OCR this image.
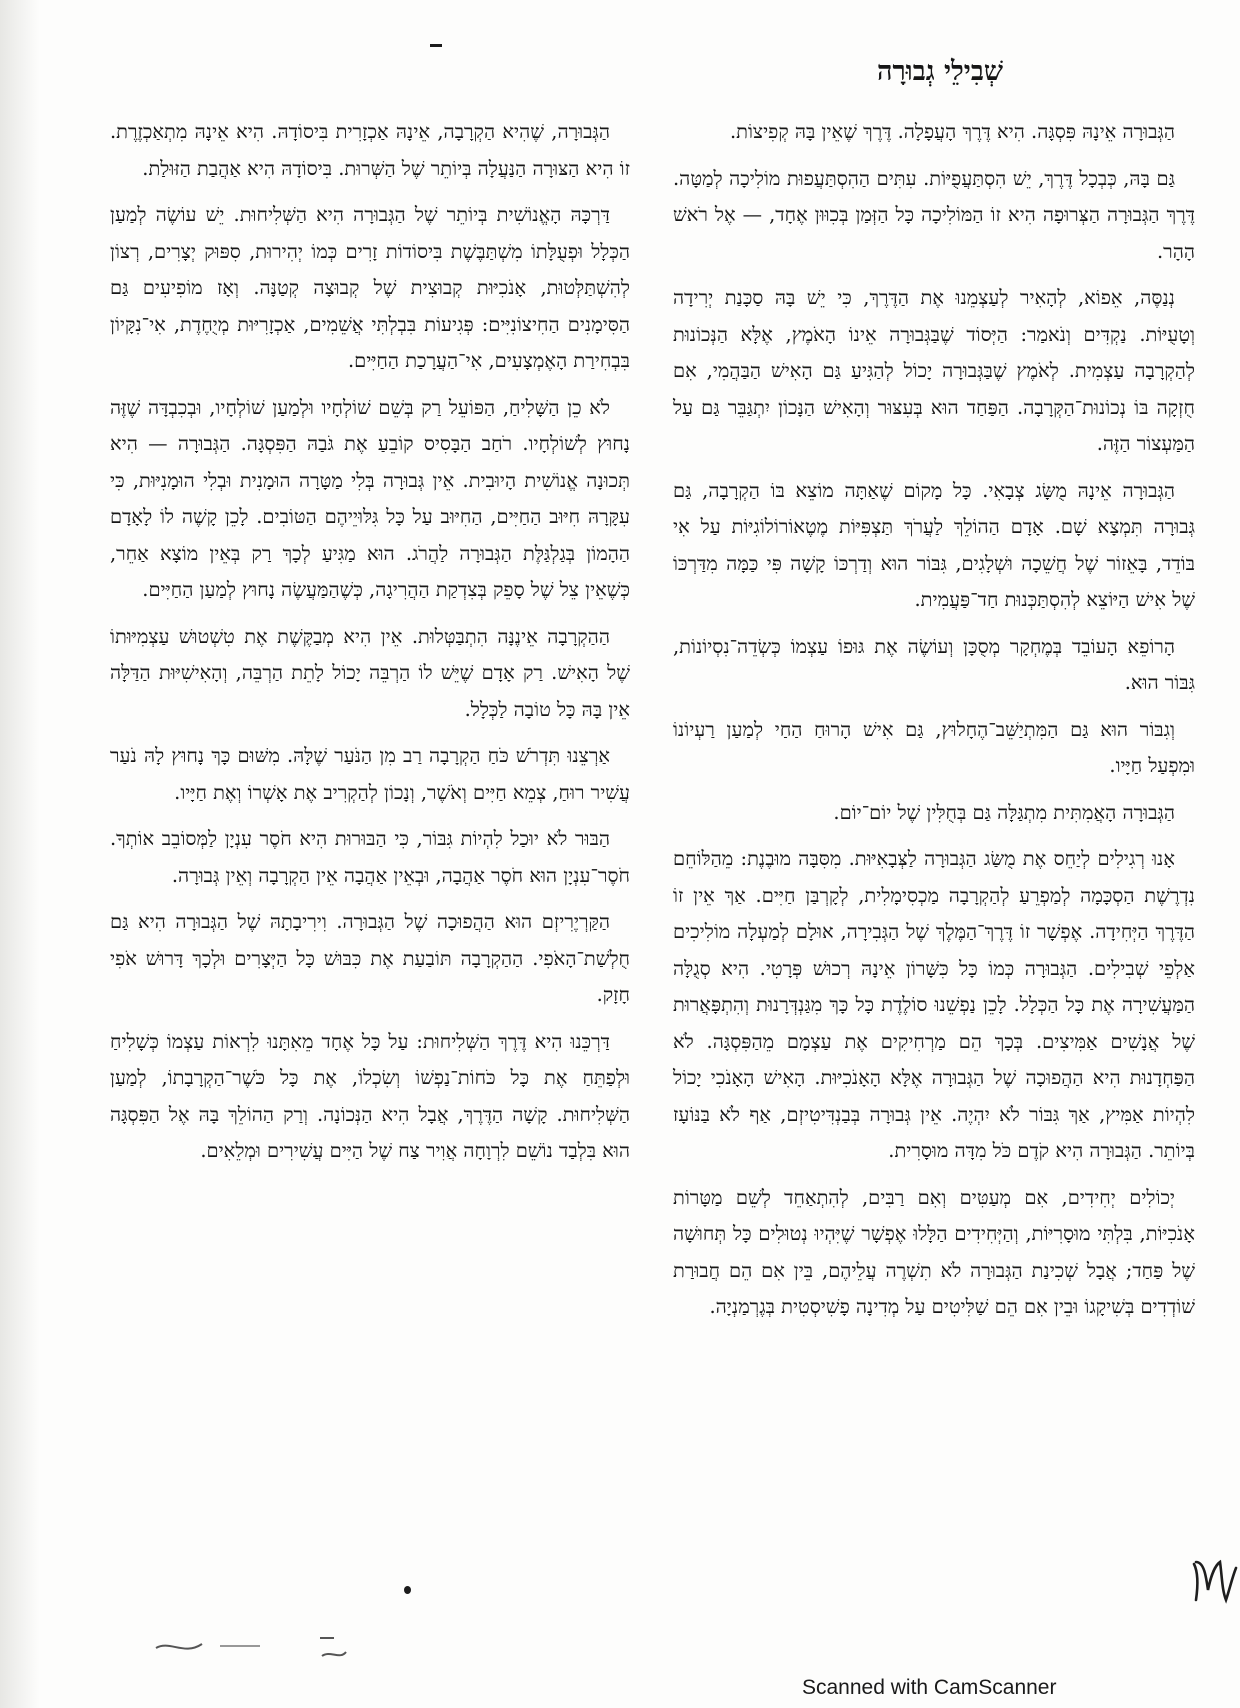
שְׁבִילֵי גְבוּרָה

הַגְּבוּרָה אֵינָהּ פִּסְגָּה. הִיא דֶּרֶךְ הָעֲפָלָה. דֶּרֶךְ שֶׁאֵין בָּהּ קְפִיצוֹת.

גַּם בָּהּ, כְּבְכָל דֶּרֶךְ, יֵשׁ הִסְתַּעֲפֻיּוֹת. עִתִּים הַהִסְתַּעֲפוּת מוֹלִיכָה לְמַטָּה. דֶּרֶךְ הַגְּבוּרָה הַצְּרוּפָה הִיא זוֹ הַמּוֹלִיכָה כָּל הַזְּמַן בְּכִוּוּן אֶחָד, — אֶל רֹאשׁ הָהָר.

נְנַסֶּה, אֵפוֹא, לְהָאִיר לְעַצְמֵנוּ אֶת הַדֶּרֶךְ, כִּי יֵשׁ בָּהּ סַכָּנַת יְרִידָה וְטָעֻיּוֹת. נַקְדִּים וְנֹאמַר: הַיְּסוֹד שֶׁבַּגְּבוּרָה אֵינוֹ הָאֹמֶץ, אֶלָּא הַנְּכוֹנוּת לְהַקְרָבָה עַצְמִית. לְאֹמֶץ שֶׁבַּגְּבוּרָה יָכוֹל לְהַגִּיעַ גַּם הָאִישׁ הַבַּהֲמִי, אִם חֻזְקָה בּוֹ נְכוֹנוּת־הַקְּרָבָה. הַפַּחַד הוּא בְּעִצּוּר וְהָאִישׁ הַנָּכוֹן יִתְגַּבֵּר גַּם עַל הַמַּעְצוֹר הַזֶּה.

הַגְּבוּרָה אֵינָהּ מֻשָּׂג צְבָאִי. כָּל מָקוֹם שֶׁאַתָּה מוֹצֵא בּוֹ הַקְרָבָה, גַּם גְּבוּרָה תִּמְצָא שָׁם. אָדָם הַהוֹלֵךְ לַעֲרֹךְ תַּצְפִּיּוֹת מֶטֶאוֹרוֹלוֹגִיּוֹת עַל אִי בּוֹדֵד, בָּאֵזוֹר שֶׁל חֲשֵׁכָה וּשְׁלָגִים, גִּבּוֹר הוּא וְדַרְכּוֹ קָשָׁה פִּי כַּמָּה מִדַּרְכּוֹ שֶׁל אִישׁ הַיּוֹצֵא לְהִסְתַּכְּנוּת חַד־פַּעֲמִית.

הָרוֹפֵא הָעוֹבֵד בְּמֶחְקָר מְסֻכָּן וְעוֹשֶׂה אֶת גּוּפוֹ עַצְמוֹ כְּשְׂדֵה־נִסְיוֹנוֹת, גִּבּוֹר הוּא.

וְגִבּוֹר הוּא גַּם הַמִּתְיַשֵּׁב־הֶחָלוּץ, גַּם אִישׁ הָרוּחַ הַחַי לְמַעַן רַעְיוֹנוֹ וּמִפְעַל חַיָּיו.

הַגְּבוּרָה הָאֲמִתִּית מִתְגַּלָּה גַּם בְּחֻלִּין שֶׁל יוֹם־יוֹם.

אָנוּ רְגִילִים לְיַחֵס אֶת מֻשַּׂג הַגְּבוּרָה לַצְּבָאִיּוּת. מִסִּבָּה מוּבֶנֶת: מֵהַלּוֹחֵם נִדְרֶשֶׁת הַסְכָּמָה לְמַפְרֵעַ לְהַקְרָבָה מַכְסִימָלִית, לְקָרְבַּן חַיִּים. אַךְ אֵין זוֹ הַדֶּרֶךְ הַיְּחִידָה. אֶפְשָׁר זוֹ דֶּרֶךְ־הַמֶּלֶךְ שֶׁל הַגְּבִירָה, אוּלָם לְמַעְלָה מוֹלִיכִים אַלְפֵי שְׁבִילִים. הַגְּבוּרָה כְּמוֹ כָּל כִּשָּׁרוֹן אֵינָהּ רְכוּשׁ פְּרָטִי. הִיא סְגֻלָּה הַמַּעֲשִׁירָה אֶת כָּל הַכְּלָל. לָכֵן נַפְשֵׁנוּ סוֹלֶדֶת כָּל כָּךְ מִגַּנְדְּרָנוּת וְהִתְפָּאֲרוּת שֶׁל אֲנָשִׁים אַמִּיצִים. בְּכָךְ הֵם מַרְחִיקִים אֶת עַצְמָם מֵהַפִּסְגָּה. לֹא הַפַּחְדָנוּת הִיא הַהֲפוּכָה שֶׁל הַגְּבוּרָה אֶלָּא הָאָנֹכִיּוּת. הָאִישׁ הָאָנֹכִי יָכוֹל לִהְיוֹת אַמִּיץ, אַךְ גִּבּוֹר לֹא יִהְיֶה. אֵין גְּבוּרָה בְּבַנְדִּיטִיזְם, אַף לֹא בַּנּוֹעָז בְּיוֹתֵר. הַגְּבוּרָה הִיא קֹדֶם כֹּל מִדָּה מוּסָרִית.

יְכוֹלִים יְחִידִים, אִם מְעַטִּים וְאִם רַבִּים, לְהִתְאַחֵד לְשֵׁם מַטָּרוֹת אָנֹכִיּוֹת, בִּלְתִּי מוּסָרִיּוֹת, וְהַיְּחִידִים הַלָּלוּ אֶפְשָׁר שֶׁיִּהְיוּ נְטוּלִים כָּל תְּחוּשָׁה שֶׁל פַּחַד; אֲבָל שְׁכִינַת הַגְּבוּרָה לֹא תִשְׁרֶה עֲלֵיהֶם, בֵּין אִם הֵם חֲבוּרַת שׁוֹדְדִים בְּשִׁיקָגוֹ וּבֵין אִם הֵם שַׁלִּיטִים עַל מְדִינָה פָשִׁיסְטִית בְּגֶרְמַנְיָה.

הַגְּבוּרָה, שֶׁהִיא הַקְרָבָה, אֵינָהּ אַכְזָרִית בִּיסוֹדָהּ. הִיא אֵינָהּ מִתְאַכְזֶרֶת. זוֹ הִיא הַצּוּרָה הַנַּעֲלָה בְּיוֹתֵר שֶׁל הַשְּׁרוּת. בִּיסוֹדָהּ הִיא אַהֲבַת הַזּוּלַת.

דַּרְכָּהּ הָאֱנוֹשִׁית בְּיוֹתֵר שֶׁל הַגְּבוּרָה הִיא הַשְּׁלִיחוּת. יֵשׁ עוֹשֶׂה לְמַעַן הַכְּלָל וּפְעֻלָּתוֹ מִשְׁתַּבֶּשֶׁת בִּיסוֹדוֹת זָרִים כְּמוֹ יְהִירוּת, סִפּוּק יְצָרִים, רְצוֹן לְהִשְׁתַּלְּטוּת, אָנֹכִיּוּת קְבוּצִית שֶׁל קְבוּצָה קְטַנָּה. וְאָז מוֹפִיעִים גַּם הַסִּימָנִים הַחִיצוֹנִיִּים: פְּגִיעוֹת בִּבְלְתִּי אֲשֵׁמִים, אַכְזָרִיּוּת מְיֻחֶדֶת, אִי־נִקָּיוֹן בִּבְחִירַת הָאֶמְצָעִים, אִי־הַעֲרָכַת הַחַיִּים.

לֹא כֵן הַשָּׁלִיחַ, הַפּוֹעֵל רַק בְּשֵׁם שׁוֹלְחָיו וּלְמַעַן שׁוֹלְחָיו, וּבְכִבְדָּה שֶׁזֶּה נָחוּץ לְשׁוֹלְחָיו. רֹחַב הַבָּסִיס קוֹבֵעַ אֶת גֹּבַהּ הַפִּסְגָּה. הַגְּבוּרָה — הִיא תְּכוּנָה אֱנוֹשִׁית הָיוּבִית. אֵין גְּבוּרָה בְּלִי מַטָּרָה הוּמָנִית וּבְלִי הוּמָנִיּוּת, כִּי עִקָּרָהּ חִיּוּב הַחַיִּים, הַחִיּוּב עַל כָּל גִּלּוּיֵיהֶם הַטּוֹבִים. לָכֵן קָשֶׁה לוֹ לָאָדָם הַהָמוֹן בְּגַלְגַּלֶּת הַגְּבוּרָה לַהֲרֹג. הוּא מַגִּיעַ לְכָךְ רַק בְּאֵין מוֹצָא אַחֵר, כְּשֶׁאֵין צֵל שֶׁל סָפֵק בְּצִדְקַת הַהֲרִיגָה, כְּשֶׁהַמַּעֲשֶׂה נָחוּץ לְמַעַן הַחַיִּים.

הַהַקְרָבָה אֵינֶנָּה הִתְבַּטְּלוּת. אֵין הִיא מְבַקֶּשֶׁת אֶת טִשְׁטוּשׁ עַצְמִיּוּתוֹ שֶׁל הָאִישׁ. רַק אָדָם שֶׁיֵּשׁ לוֹ הַרְבֵּה יָכוֹל לָתֵת הַרְבֵּה, וְהָאִישִׁיּוּת הַדַּלָּה אֵין בָּהּ כָּל טוֹבָה לַכְּלָל.

אַרְצֵנוּ תִּדְרֹשׁ כֹּחַ הַקְרָבָה רַב מִן הַנֹּעַר שֶׁלָּהּ. מִשּׁוּם כָּךְ נָחוּץ לָהּ נֹעַר עֲשִׁיר רוּחַ, צְמֵא חַיִּים וְאֹשֶׁר, וְנָכוֹן לְהַקְרִיב אֶת אָשְׁרוֹ וְאֶת חַיָּיו.

הַבּוּר לֹא יוּכַל לִהְיוֹת גִּבּוֹר, כִּי הַבּוּרוּת הִיא חֹסֶר עִנְיָן לַמְּסוֹבֵב אוֹתְךָ. חֹסֶר־עִנְיָן הוּא חֹסֶר אַהֲבָה, וּבְאֵין אַהֲבָה אֵין הַקְרָבָה וְאֵין גְּבוּרָה.

הַקַּרְיֶרִיזְם הוּא הַהֲפוּכָה שֶׁל הַגְּבוּרָה. וִירִיבָתָהּ שֶׁל הַגְּבוּרָה הִיא גַּם חֻלְשַׁת־הָאֹפִי. הַהַקְרָבָה תּוֹבַעַת אֶת כִּבּוּשׁ כָּל הַיְּצָרִים וּלְכָךְ דָּרוּשׁ אֹפִי חָזָק.

דַּרְכֵּנוּ הִיא דֶּרֶךְ הַשְּׁלִיחוּת: עַל כָּל אֶחָד מֵאִתָּנוּ לִרְאוֹת עַצְמוֹ כְּשָׁלִיחַ וּלְפַתֵּחַ אֶת כָּל כֹּחוֹת־נַפְשׁוֹ וְשִׂכְלוֹ, אֶת כָּל כֹּשֶׁר־הַקְרָבָתוֹ, לְמַעַן הַשְּׁלִיחוּת. קָשָׁה הַדֶּרֶךְ, אֲבָל הִיא הַנְּכוֹנָה. וְרַק הַהוֹלֵךְ בָּהּ אֶל הַפִּסְגָּה הוּא בִּלְבַד נוֹשֵׁם לִרְוָחָה אֲוִיר צַח שֶׁל הַיִּים עֲשִׁירִים וּמְלֵאִים.

Scanned with CamScanner
